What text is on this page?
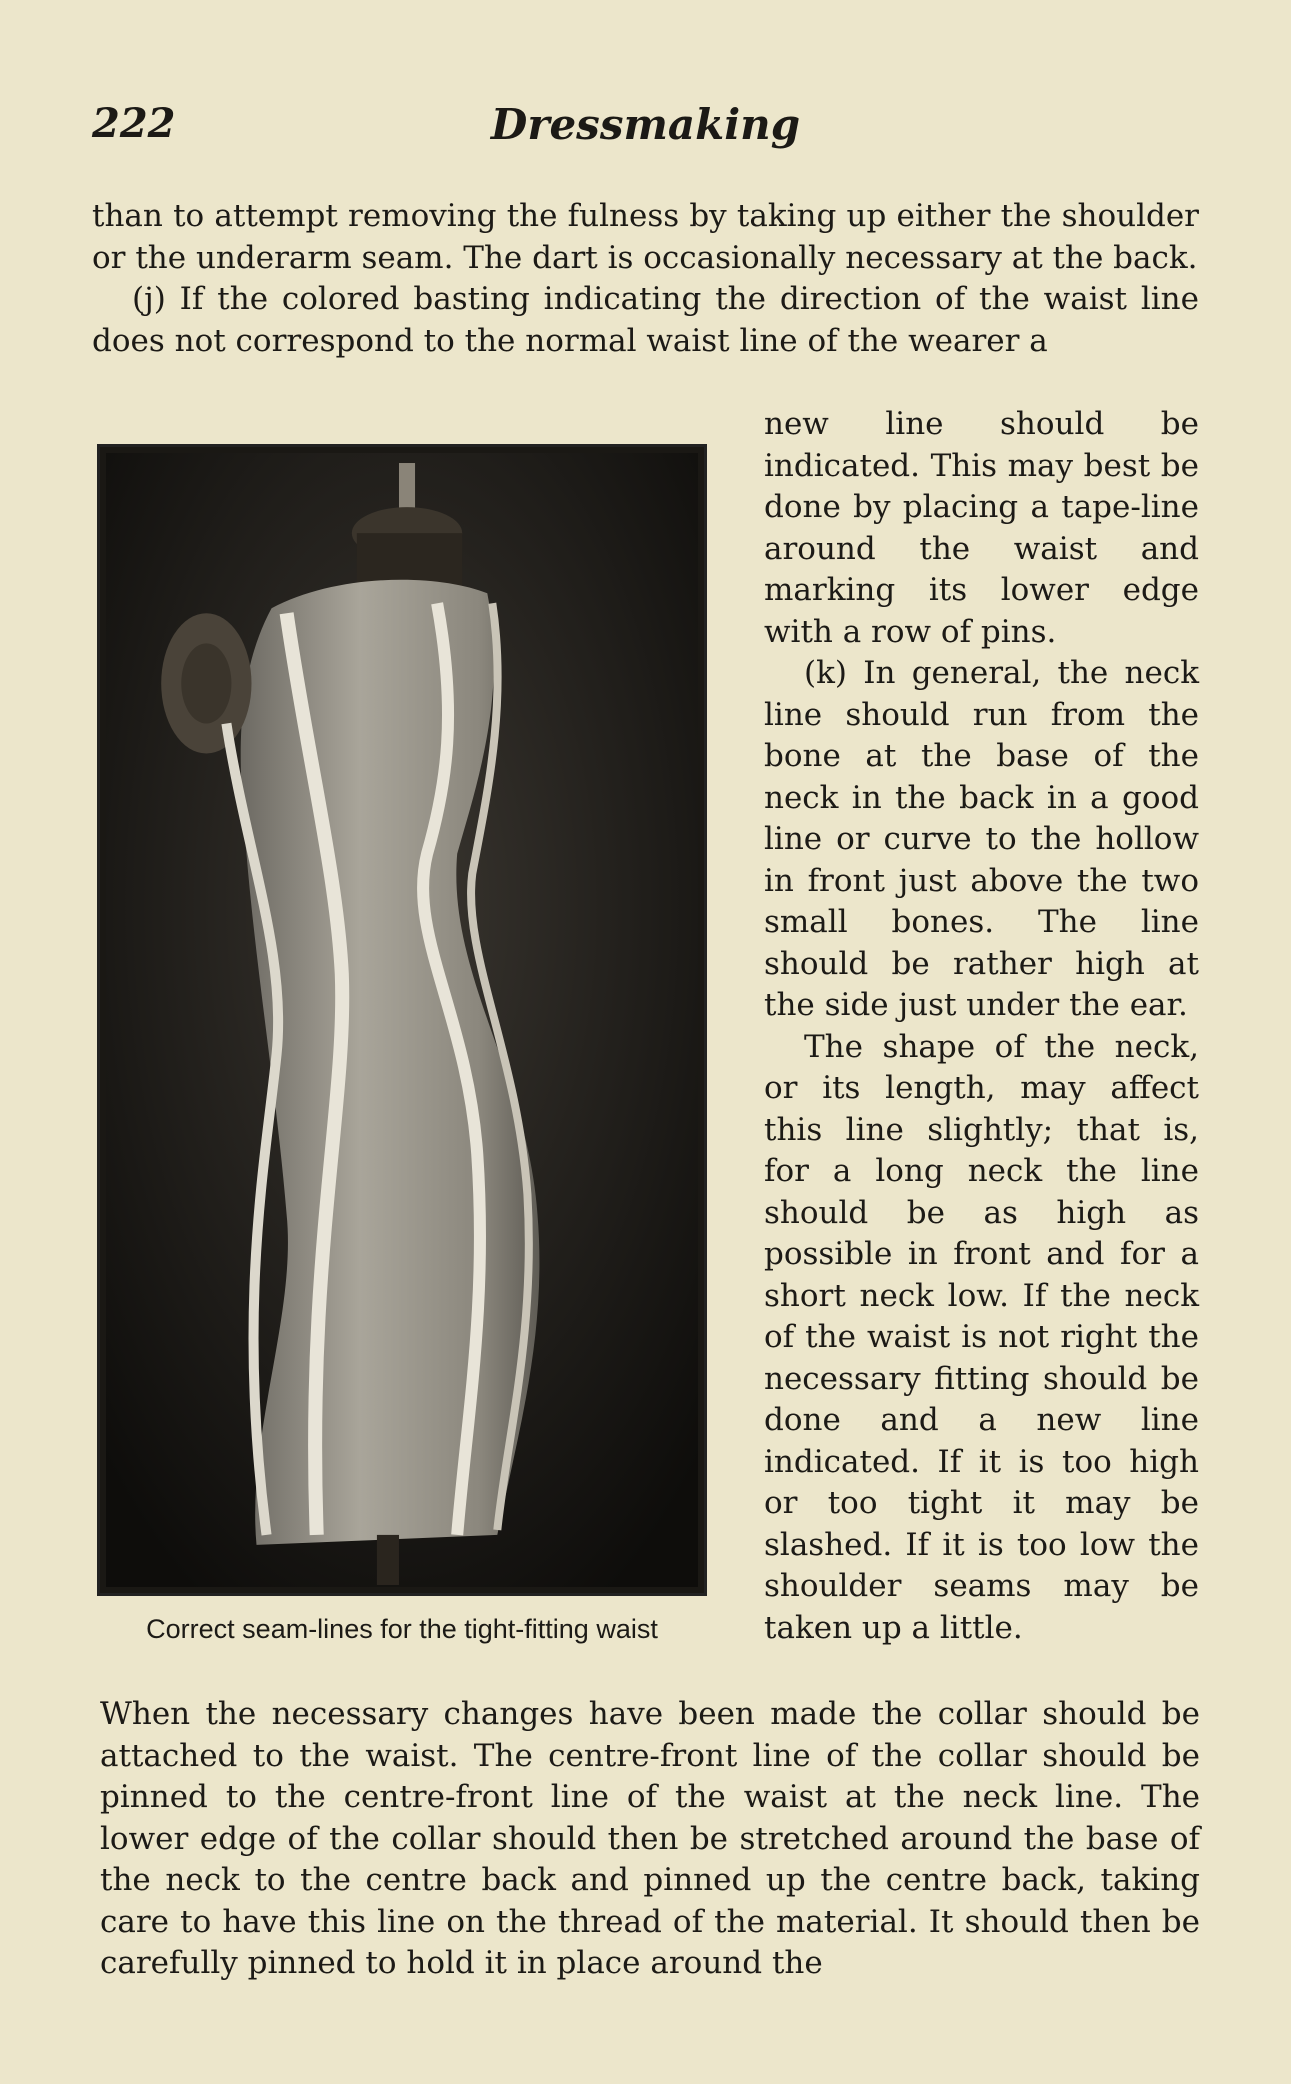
222	Dressmaking

than to attempt removing the fulness by taking up either the shoulder or the underarm seam. The dart is occasionally necessary at the back.

(j) If the colored basting indicating the direction of the waist line does not correspond to the normal waist line of the wearer a

new line should be indicated. This may best be done by placing a tape-line around the waist and marking its lower edge with a row of pins.

(k) In general, the neck line should run from the bone at the base of the neck in the back in a good line or curve to the hollow in front just above the two small bones. The line should be rather high at the side just under the ear.

The shape of the neck, or its length, may affect this line slightly; that is, for a long neck the line should be as high as possible in front and for a short neck low. If the neck of the waist is not right the necessary fitting should be done and a new line indicated. If it is too high or too tight it may be slashed. If it is too low the shoulder seams may be taken up a little.

Correct seam-lines for the tight-fitting waist

When the necessary changes have been made the collar should be attached to the waist. The centre-front line of the collar should be pinned to the centre-front line of the waist at the neck line. The lower edge of the collar should then be stretched around the base of the neck to the centre back and pinned up the centre back, taking care to have this line on the thread of the material. It should then be carefully pinned to hold it in place around the
